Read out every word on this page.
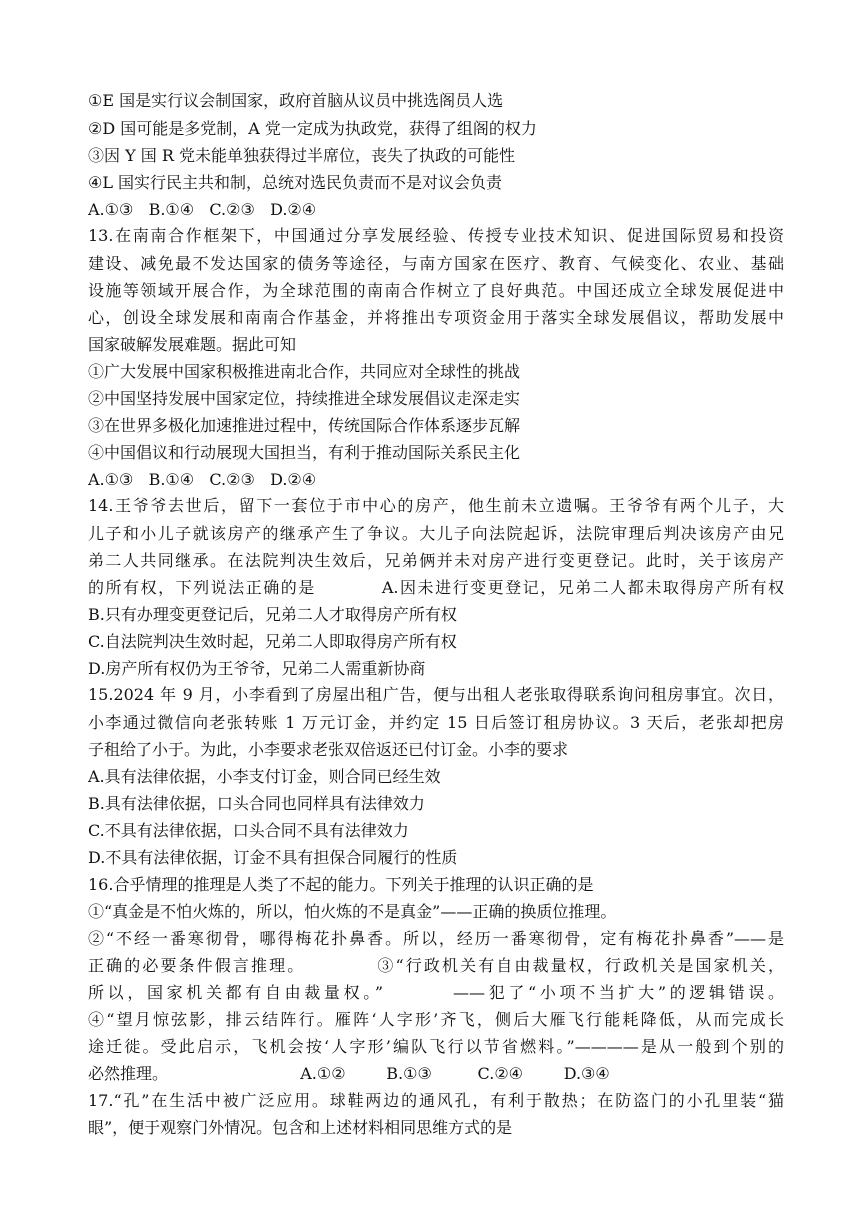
①E 国是实行议会制国家，政府首脑从议员中挑选阁员人选
②D 国可能是多党制，A 党一定成为执政党，获得了组阁的权力
③因 Y 国 R 党未能单独获得过半席位，丧失了执政的可能性
④L 国实行民主共和制，总统对选民负责而不是对议会负责
A.①③   B.①④   C.②③   D.②④
13.在南南合作框架下，中国通过分享发展经验、传授专业技术知识、促进国际贸易和投资
建设、减免最不发达国家的债务等途径，与南方国家在医疗、教育、气候变化、农业、基础
设施等领域开展合作，为全球范围的南南合作树立了良好典范。中国还成立全球发展促进中
心，创设全球发展和南南合作基金，并将推出专项资金用于落实全球发展倡议，帮助发展中
国家破解发展难题。据此可知
①广大发展中国家积极推进南北合作，共同应对全球性的挑战
②中国坚持发展中国家定位，持续推进全球发展倡议走深走实
③在世界多极化加速推进过程中，传统国际合作体系逐步瓦解
④中国倡议和行动展现大国担当，有利于推动国际关系民主化
A.①③   B.①④   C.②③   D.②④
14.王爷爷去世后，留下一套位于市中心的房产，他生前未立遗嘱。王爷爷有两个儿子，大
儿子和小儿子就该房产的继承产生了争议。大儿子向法院起诉，法院审理后判决该房产由兄
弟二人共同继承。在法院判决生效后，兄弟俩并未对房产进行变更登记。此时，关于该房产
的所有权，下列说法正确的是          A.因未进行变更登记，兄弟二人都未取得房产所有权
B.只有办理变更登记后，兄弟二人才取得房产所有权
C.自法院判决生效时起，兄弟二人即取得房产所有权
D.房产所有权仍为王爷爷，兄弟二人需重新协商
15.2024 年 9 月，小李看到了房屋出租广告，便与出租人老张取得联系询问租房事宜。次日，
小李通过微信向老张转账 1 万元订金，并约定 15 日后签订租房协议。3 天后，老张却把房
子租给了小于。为此，小李要求老张双倍返还已付订金。小李的要求
A.具有法律依据，小李支付订金，则合同已经生效
B.具有法律依据，口头合同也同样具有法律效力
C.不具有法律依据，口头合同不具有法律效力
D.不具有法律依据，订金不具有担保合同履行的性质
16.合乎情理的推理是人类了不起的能力。下列关于推理的认识正确的是
①“真金是不怕火炼的，所以，怕火炼的不是真金”——正确的换质位推理。
②“不经一番寒彻骨，哪得梅花扑鼻香。所以，经历一番寒彻骨，定有梅花扑鼻香”——是
正确的必要条件假言推理。          ③“行政机关有自由裁量权，行政机关是国家机关，
所以，国家机关都有自由裁量权。”        ——犯了“小项不当扩大”的逻辑错误。
④“望月惊弦影，排云结阵行。雁阵‘人字形’齐飞，侧后大雁飞行能耗降低，从而完成长
途迁徙。受此启示，飞机会按‘人字形’编队飞行以节省燃料。”————是从一般到个别的
必然推理。                          A.①②        B.①③         C.②④        D.③④
17.“孔”在生活中被广泛应用。球鞋两边的通风孔，有利于散热；在防盗门的小孔里装“猫
眼”，便于观察门外情况。包含和上述材料相同思维方式的是
